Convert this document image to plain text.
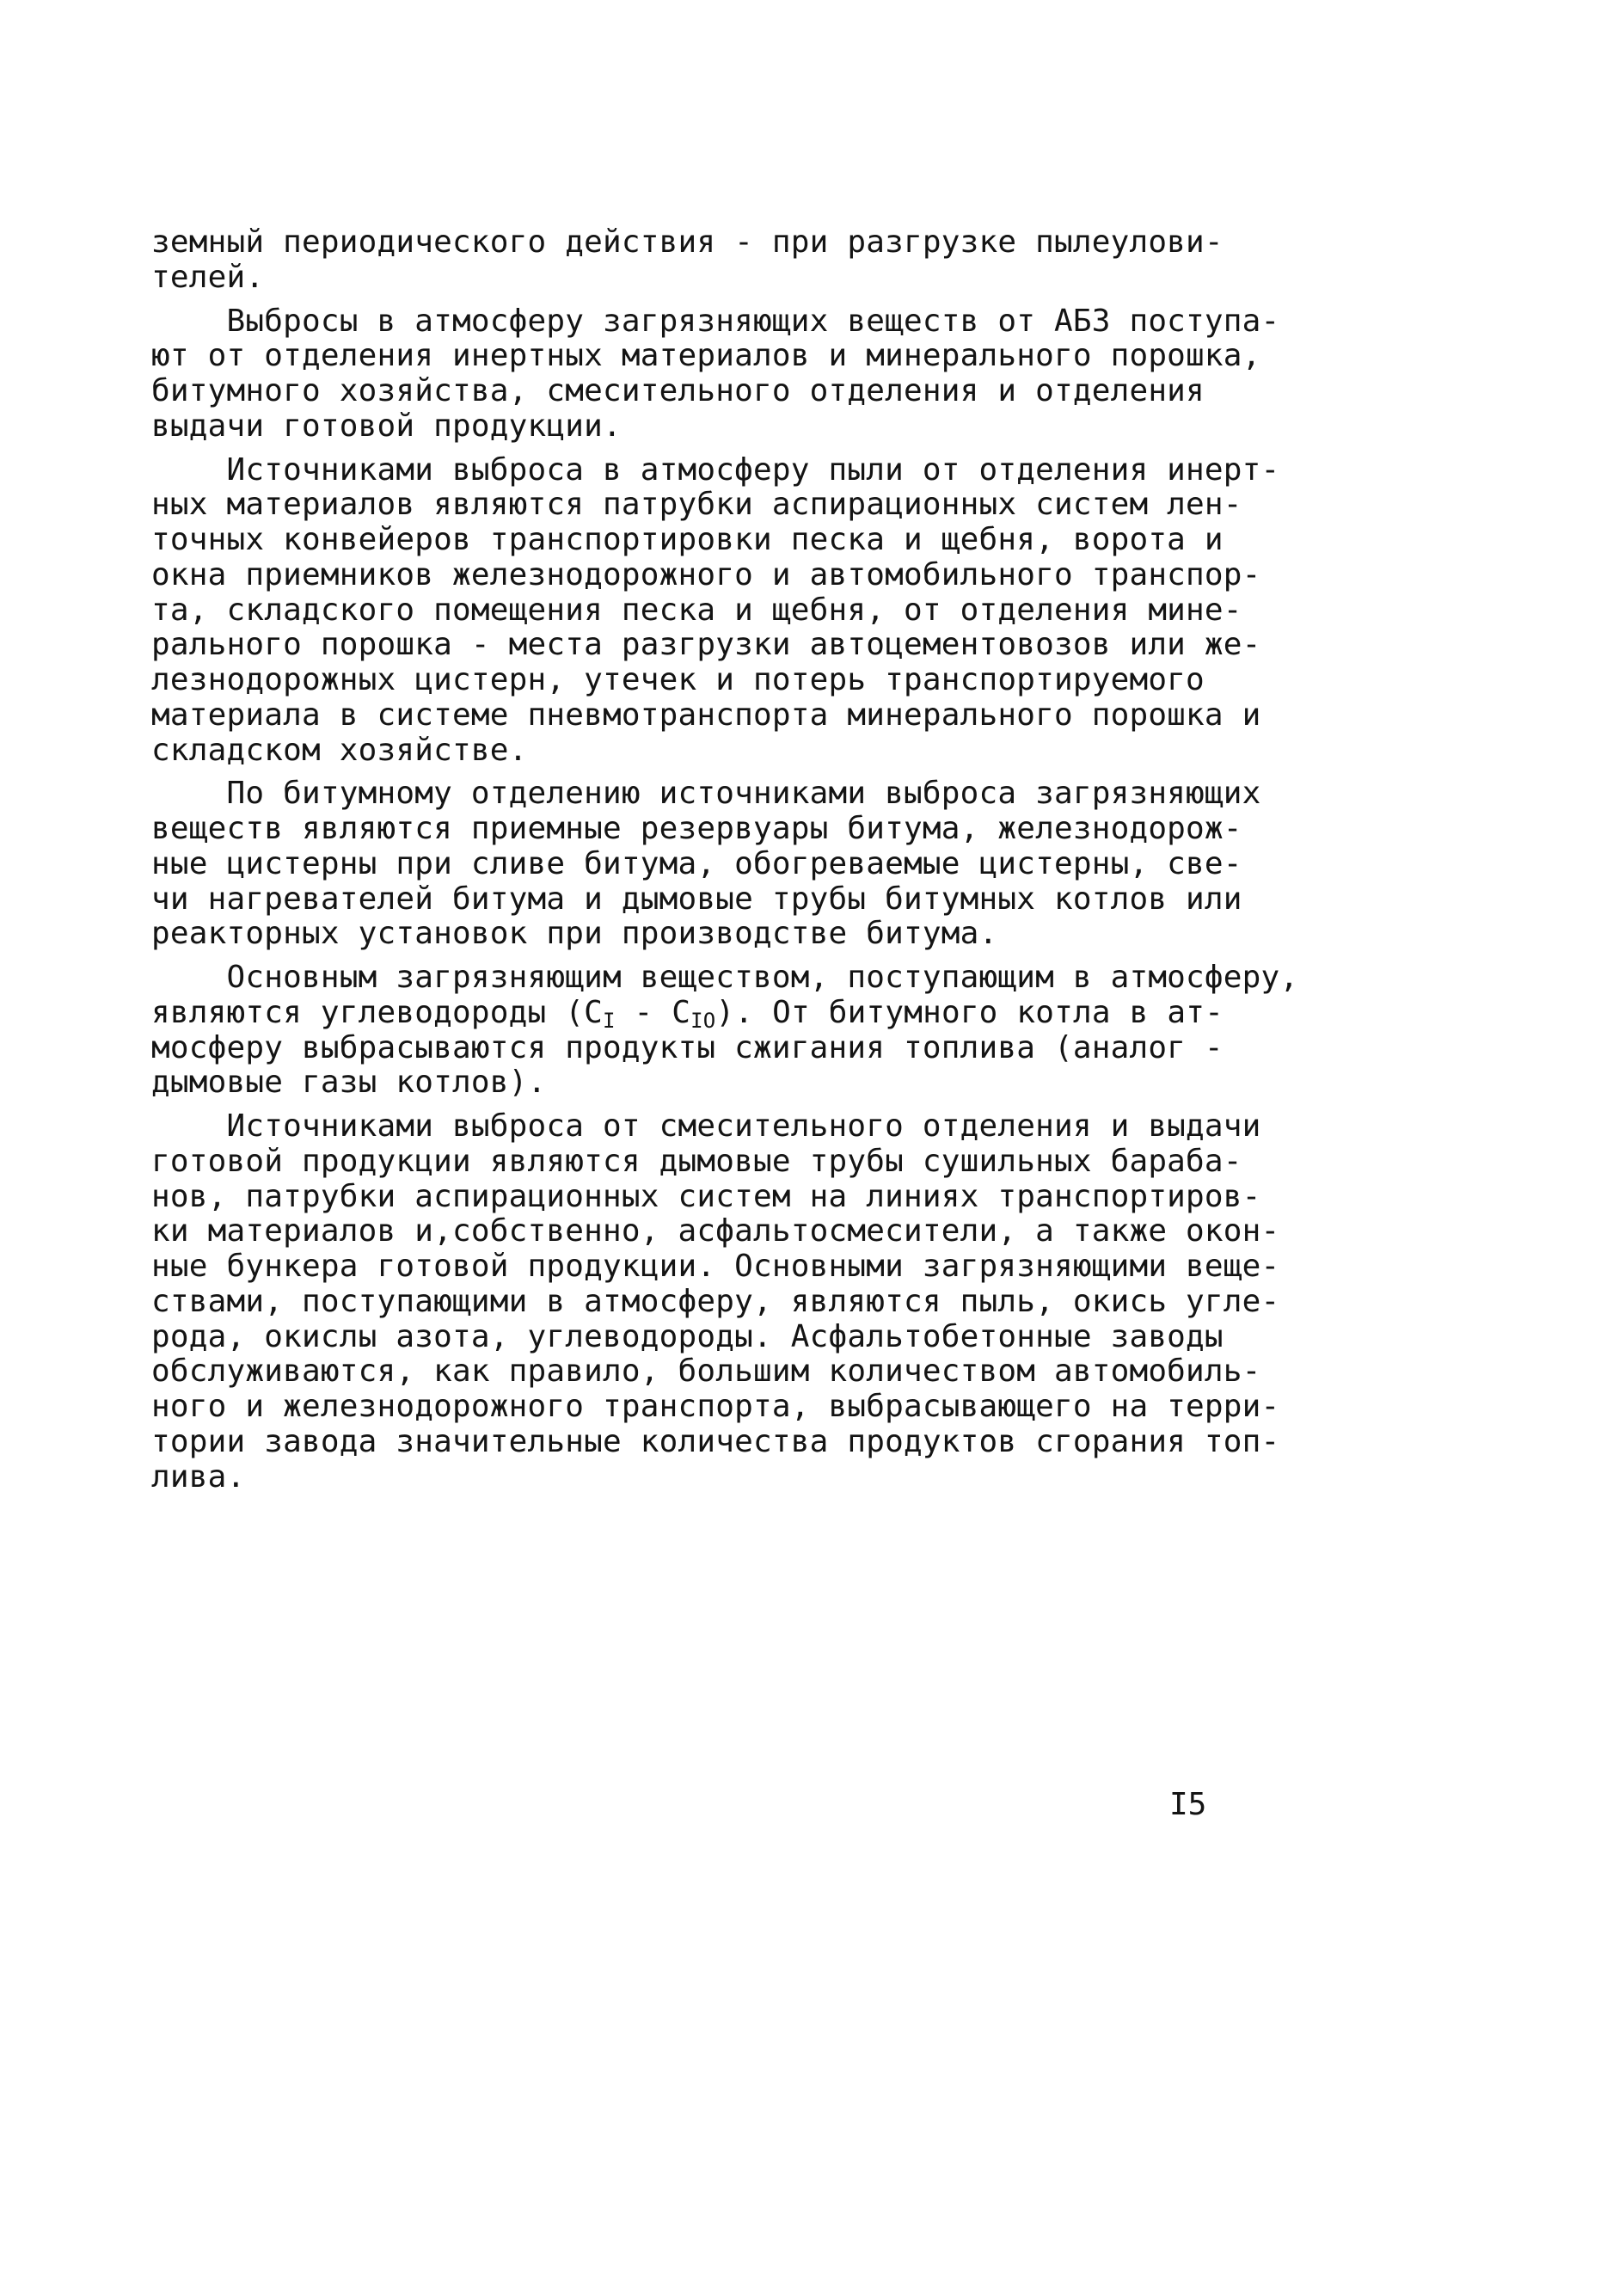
земный периодического действия - при разгрузке пылеулови-
телей.
Выбросы в атмосферу загрязняющих веществ от АБЗ поступа-
ют от отделения инертных материалов и минерального порошка,
битумного хозяйства, смесительного отделения и отделения
выдачи готовой продукции.
Источниками выброса в атмосферу пыли от отделения инерт-
ных материалов являются патрубки аспирационных систем лен-
точных конвейеров транспортировки песка и щебня, ворота и
окна приемников железнодорожного и автомобильного транспор-
та, складского помещения песка и щебня, от отделения мине-
рального порошка - места разгрузки автоцементовозов или же-
лезнодорожных цистерн, утечек и потерь транспортируемого
материала в системе пневмотранспорта минерального порошка и
складском хозяйстве.
По битумному отделению источниками выброса загрязняющих
веществ являются приемные резервуары битума, железнодорож-
ные цистерны при сливе битума, обогреваемые цистерны, све-
чи нагревателей битума и дымовые трубы битумных котлов или
реакторных установок при производстве битума.
Основным загрязняющим веществом, поступающим в атмосферу,
являются углеводороды $(C_I - C_{IO})$. От битумного котла в ат-
мосферу выбрасываются продукты сжигания топлива (аналог -
дымовые газы котлов).
Источниками выброса от смесительного отделения и выдачи
готовой продукции являются дымовые трубы сушильных бараба-
нов, патрубки аспирационных систем на линиях транспортиров-
ки материалов и,собственно, асфальтосмесители, а также окон-
ные бункера готовой продукции. Основными загрязняющими веще-
ствами, поступающими в атмосферу, являются пыль, окись угле-
рода, окислы азота, углеводороды. Асфальтобетонные заводы
обслуживаются, как правило, большим количеством автомобиль-
ного и железнодорожного транспорта, выбрасывающего на терри-
тории завода значительные количества продуктов сгорания топ-
лива.
I5
